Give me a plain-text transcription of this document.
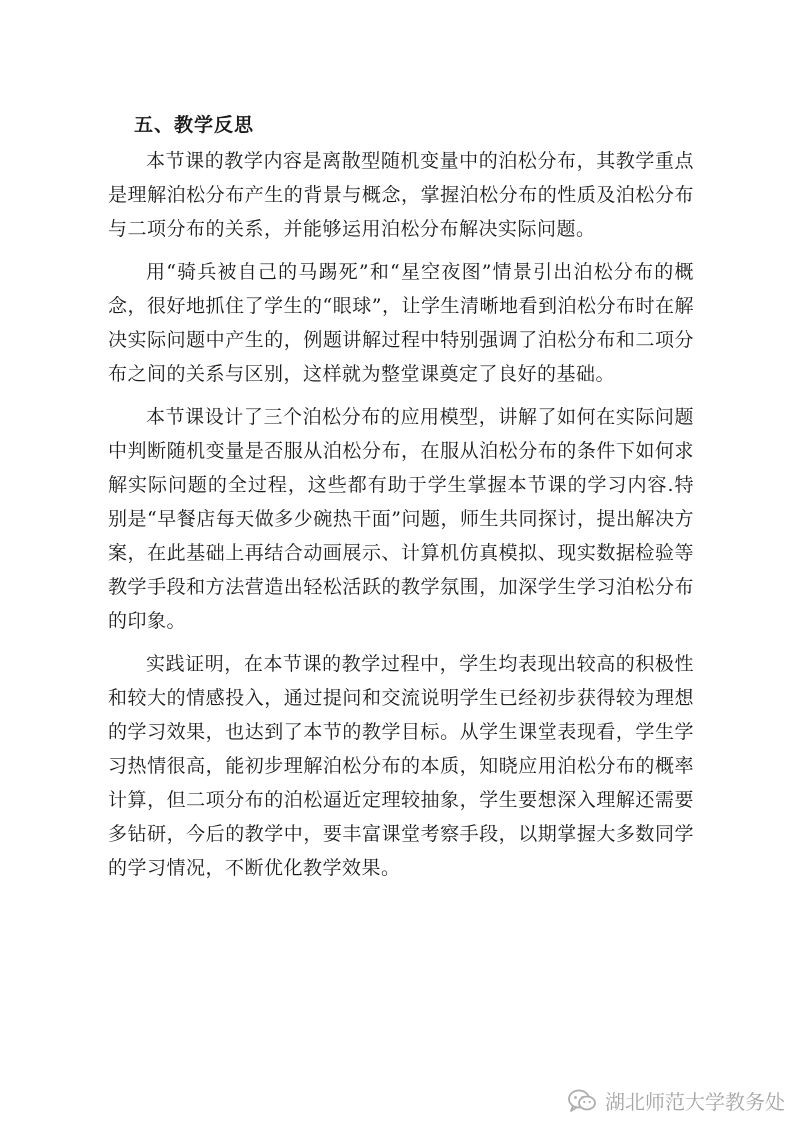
五、教学反思

本节课的教学内容是离散型随机变量中的泊松分布，其教学重点是理解泊松分布产生的背景与概念，掌握泊松分布的性质及泊松分布与二项分布的关系，并能够运用泊松分布解决实际问题。

用“骑兵被自己的马踢死”和“星空夜图”情景引出泊松分布的概念，很好地抓住了学生的“眼球”，让学生清晰地看到泊松分布时在解决实际问题中产生的，例题讲解过程中特别强调了泊松分布和二项分布之间的关系与区别，这样就为整堂课奠定了良好的基础。

本节课设计了三个泊松分布的应用模型，讲解了如何在实际问题中判断随机变量是否服从泊松分布，在服从泊松分布的条件下如何求解实际问题的全过程，这些都有助于学生掌握本节课的学习内容.特别是“早餐店每天做多少碗热干面”问题，师生共同探讨，提出解决方案，在此基础上再结合动画展示、计算机仿真模拟、现实数据检验等教学手段和方法营造出轻松活跃的教学氛围，加深学生学习泊松分布的印象。

实践证明，在本节课的教学过程中，学生均表现出较高的积极性和较大的情感投入，通过提问和交流说明学生已经初步获得较为理想的学习效果，也达到了本节的教学目标。从学生课堂表现看，学生学习热情很高，能初步理解泊松分布的本质，知晓应用泊松分布的概率计算，但二项分布的泊松逼近定理较抽象，学生要想深入理解还需要多钻研，今后的教学中，要丰富课堂考察手段，以期掌握大多数同学的学习情况，不断优化教学效果。

湖北师范大学教务处
